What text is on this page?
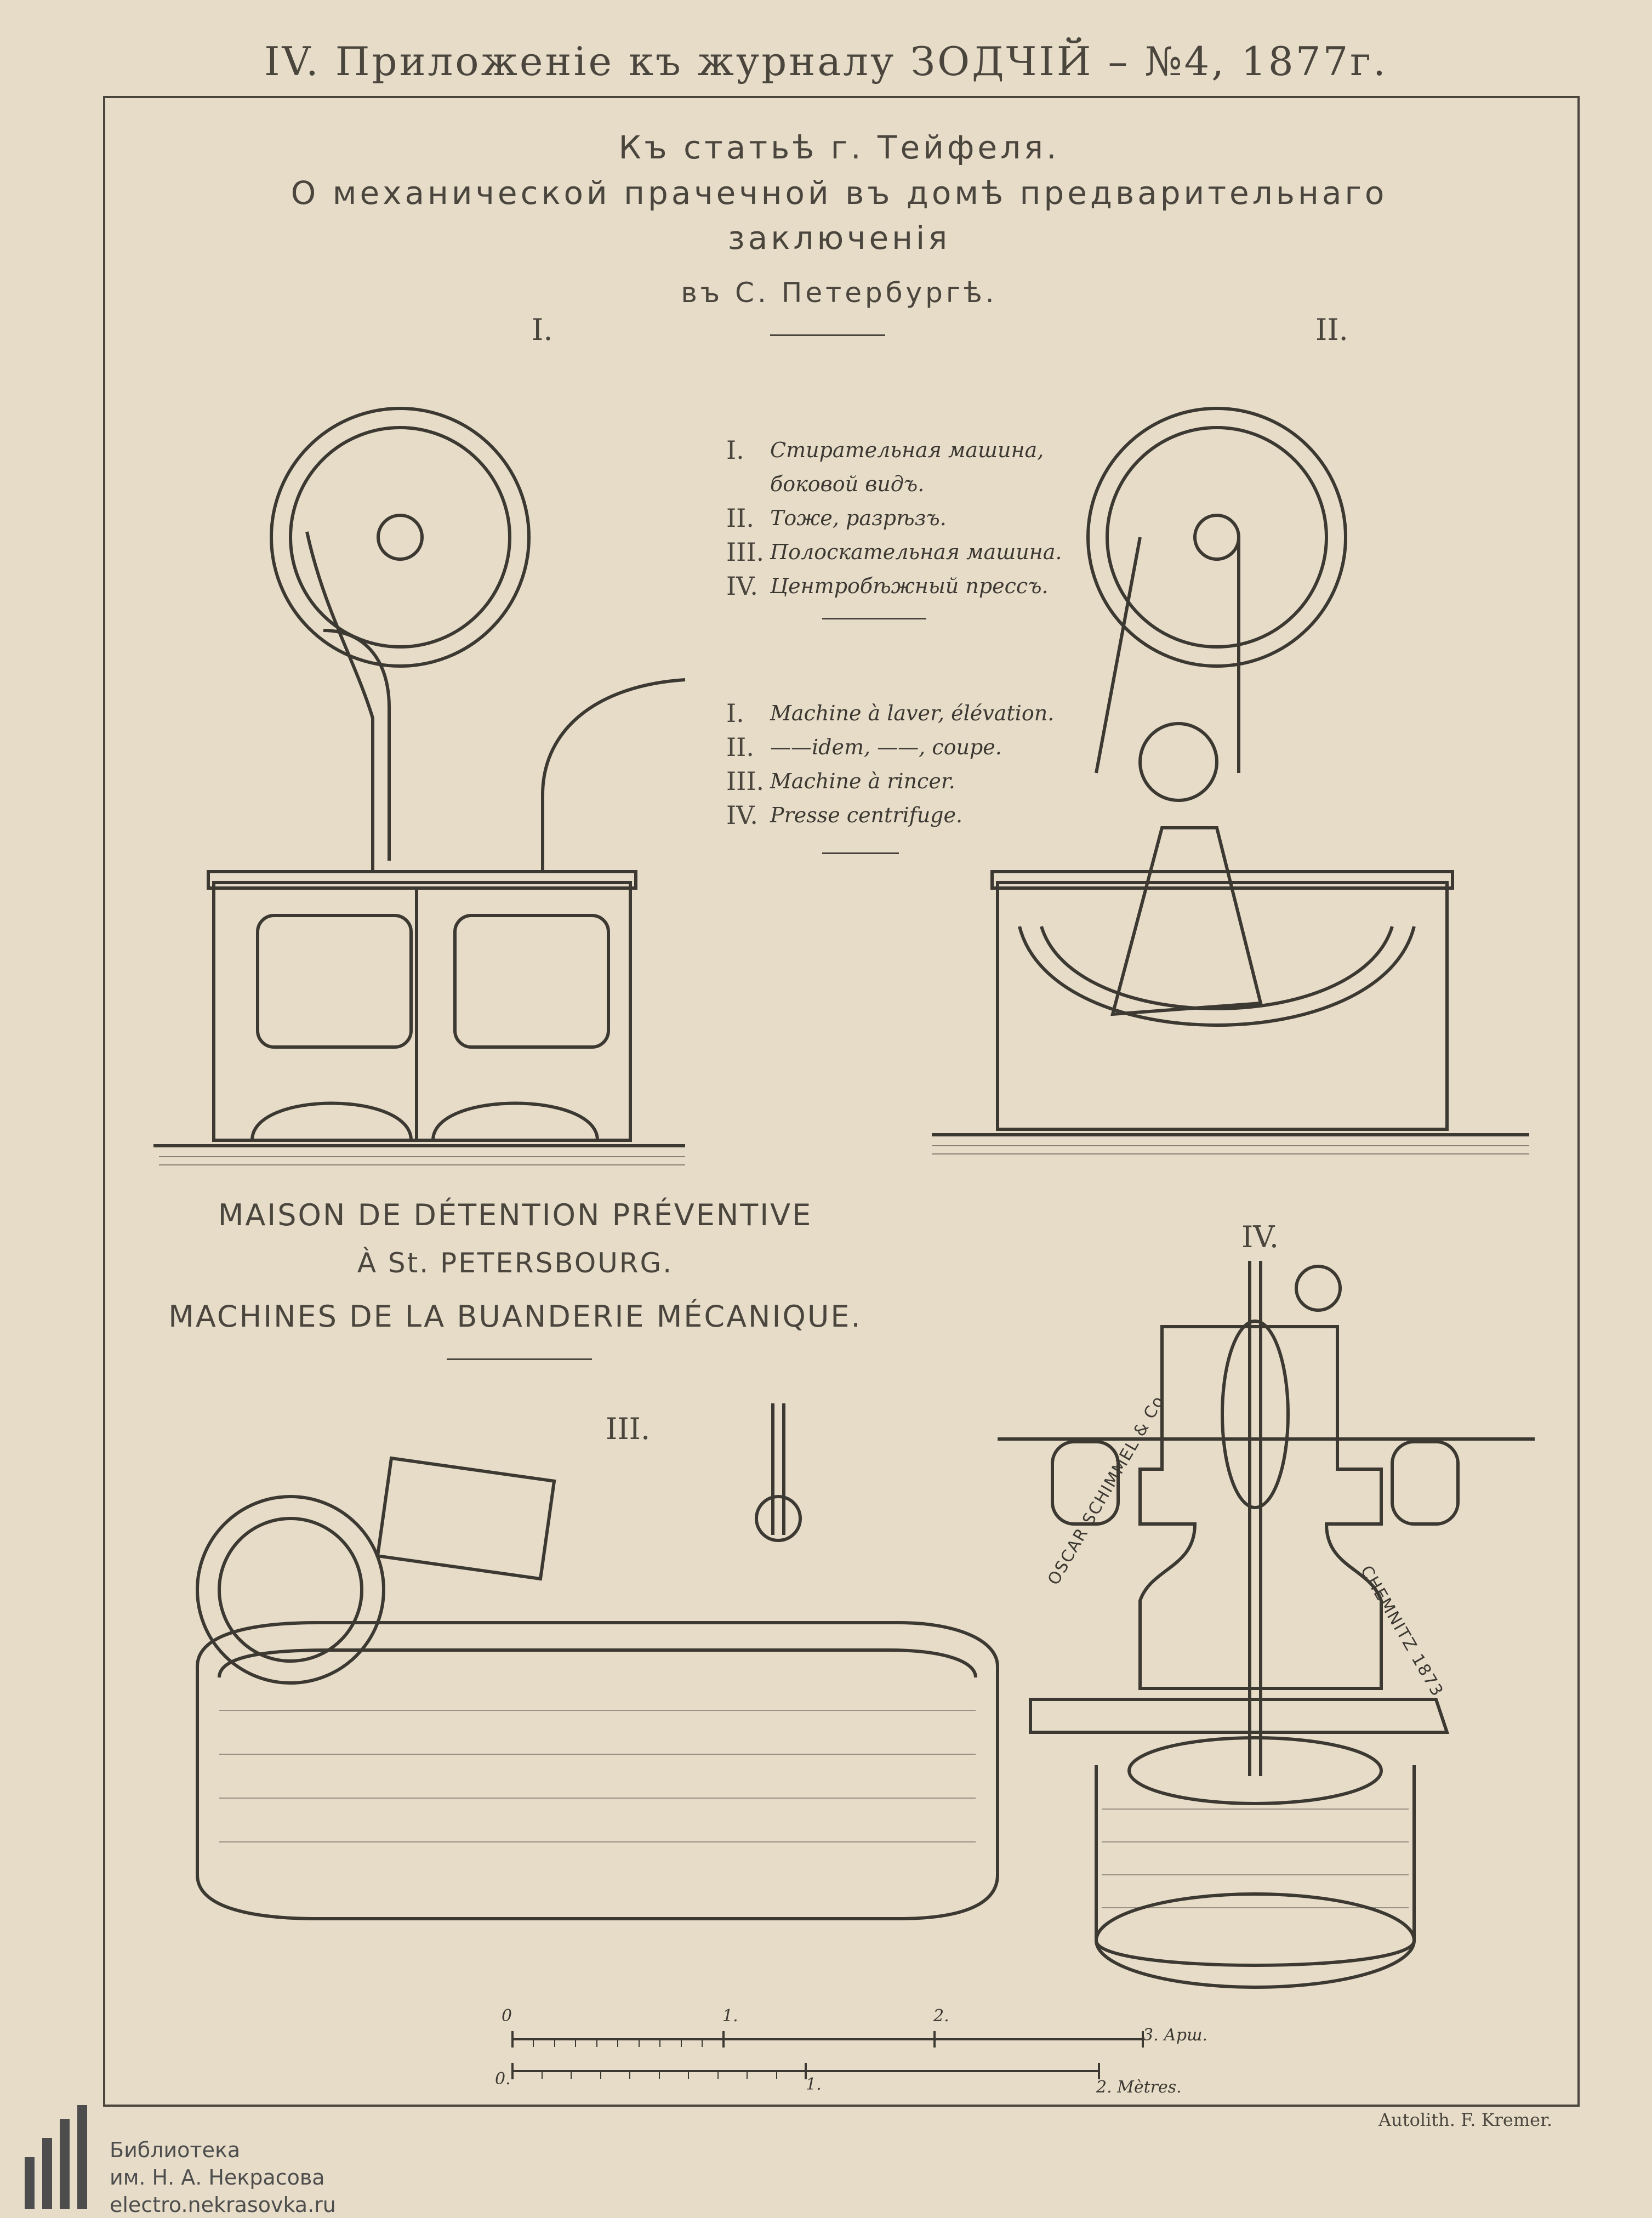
IV. Приложенiе къ журналу ЗОДЧIЙ – №4, 1877г.
Къ статьѣ г. Тейфеля.
О механической прачечной въ домѣ предварительнаго
заключенiя
въ С. Петербургѣ.
I.	II.
III.
IV.
I.	Стирательная машина,
боковой видъ.
II. Тоже, разрѣзъ.
III. Полоскательная машина.
IV. Центробѣжный прессъ.
I.	Machine à laver, élévation.
II. ——idem, ——, coupe.
III. Machine à rincer.
IV. Presse centrifuge.
MAISON DE DÉTENTION PRÉVENTIVE
À St. PETERSBOURG.
MACHINES DE LA BUANDERIE MÉCANIQUE.
OSCAR SCHIMMEL & Co
CHEMNITZ 1873.
0	1.	2.
3. Арш.
0.	1.	2. Mètres.
Autolith. F. Kremer.
Библиотека
им. Н. А. Некрасова
electro.nekrasovka.ru
